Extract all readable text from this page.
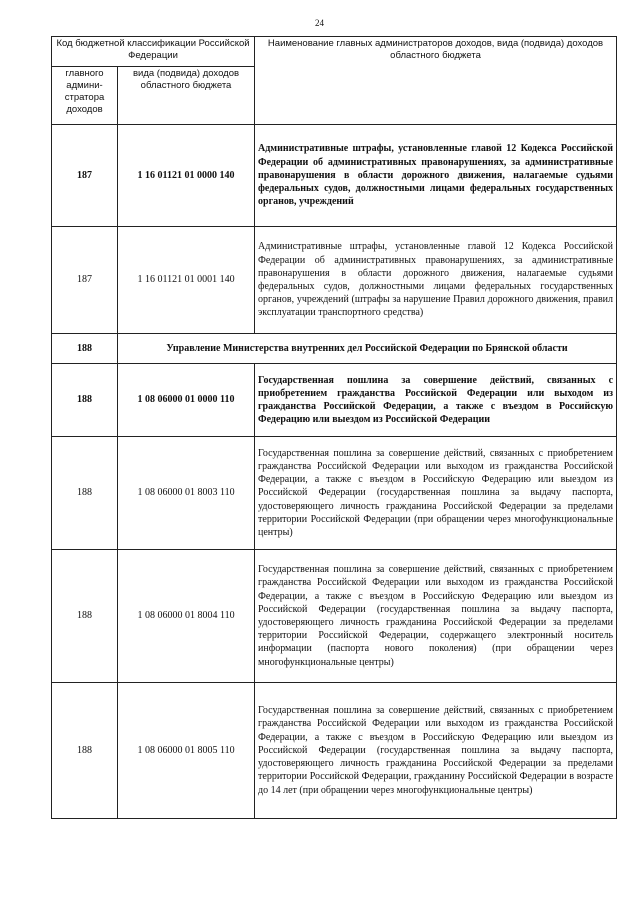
24
Код бюджетной классификации Российской Федерации		Наименование главных администраторов доходов, вида (подвида) доходов областного бюджета
главного админи-стратора доходов	вида (подвида) доходов областного бюджета	
187	1 16 01121 01 0000 140	Административные штрафы, установленные главой 12 Кодекса Российской Федерации об административных правонарушениях, за административные правонарушения в области дорожного движения, налагаемые судьями федеральных судов, должностными лицами федеральных государственных органов, учреждений
187	1 16 01121 01 0001 140	Административные штрафы, установленные главой 12 Кодекса Российской Федерации об административных правонарушениях, за административные правонарушения в области дорожного движения, налагаемые судьями федеральных судов, должностными лицами федеральных государственных органов, учреждений (штрафы за нарушение Правил дорожного движения, правил эксплуатации транспортного средства)
188	Управление Министерства внутренних дел Российской Федерации по Брянской области	
188	1 08 06000 01 0000 110	Государственная пошлина за совершение действий, связанных с приобретением гражданства Российской Федерации или выходом из гражданства Российской Федерации, а также с въездом в Российскую Федерацию или выездом из Российской Федерации
188	1 08 06000 01 8003 110	Государственная пошлина за совершение действий, связанных с приобретением гражданства Российской Федерации или выходом из гражданства Российской Федерации, а также с въездом в Российскую Федерацию или выездом из Российской Федерации (государственная пошлина за выдачу паспорта, удостоверяющего личность гражданина Российской Федерации за пределами территории Российской Федерации (при обращении через многофункциональные центры)
188	1 08 06000 01 8004 110	Государственная пошлина за совершение действий, связанных с приобретением гражданства Российской Федерации или выходом из гражданства Российской Федерации, а также с въездом в Российскую Федерацию или выездом из Российской Федерации (государственная пошлина за выдачу паспорта, удостоверяющего личность гражданина Российской Федерации за пределами территории Российской Федерации, содержащего электронный носитель информации (паспорта нового поколения) (при обращении через многофункциональные центры)
188	1 08 06000 01 8005 110	Государственная пошлина за совершение действий, связанных с приобретением гражданства Российской Федерации или выходом из гражданства Российской Федерации, а также с въездом в Российскую Федерацию или выездом из Российской Федерации (государственная пошлина за выдачу паспорта, удостоверяющего личность гражданина Российской Федерации за пределами территории Российской Федерации, гражданину Российской Федерации в возрасте до 14 лет (при обращении через многофункциональные центры)
